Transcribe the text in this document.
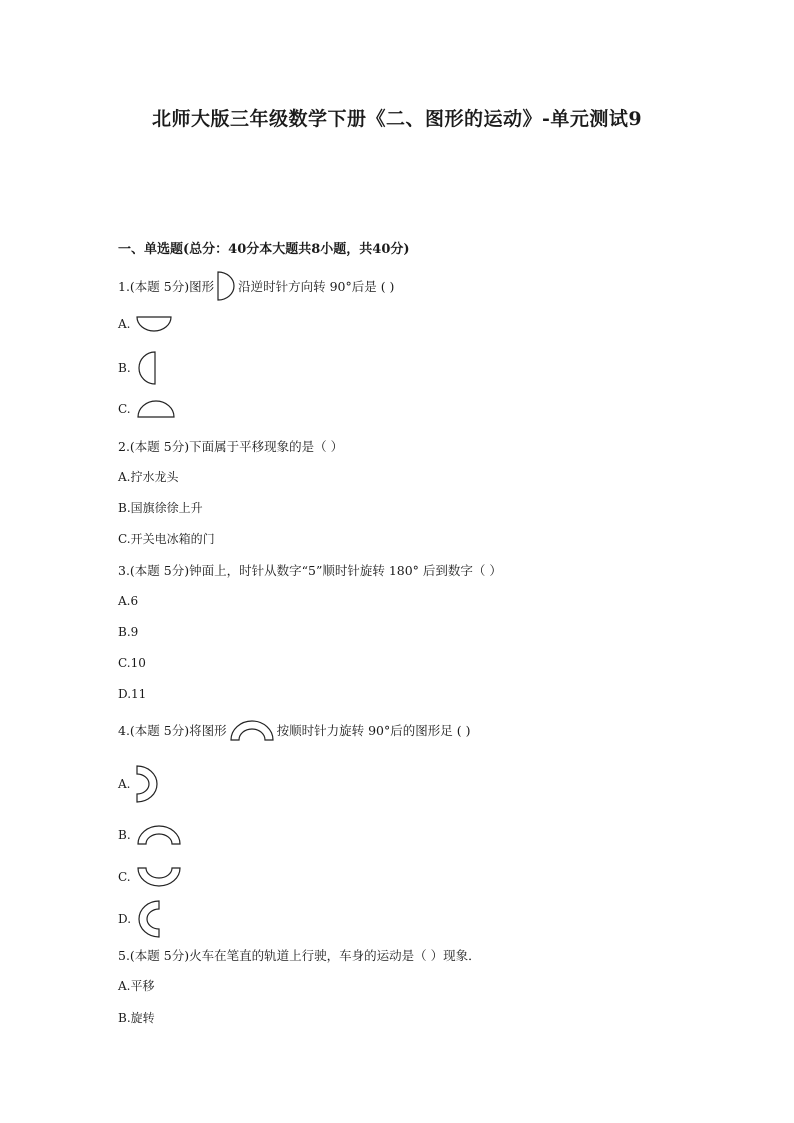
北师大版三年级数学下册《二、图形的运动》-单元测试9
一、单选题(总分：40分本大题共8小题，共40分)
1.(本题 5分)图形 沿逆时针方向转 90°后是 ( )
A.
B.
C.
2.(本题 5分)下面属于平移现象的是（ ）
A.拧水龙头
B.国旗徐徐上升
C.开关电冰箱的门
3.(本题 5分)钟面上，时针从数字“5”顺时针旋转 180° 后到数字（ ）
A.6
B.9
C.10
D.11
4.(本题 5分)将图形	按顺时针力旋转 90°后的图形足 ( )
A.
B.
C.
D.
5.(本题 5分)火车在笔直的轨道上行驶，车身的运动是（ ）现象．
A.平移
B.旋转
